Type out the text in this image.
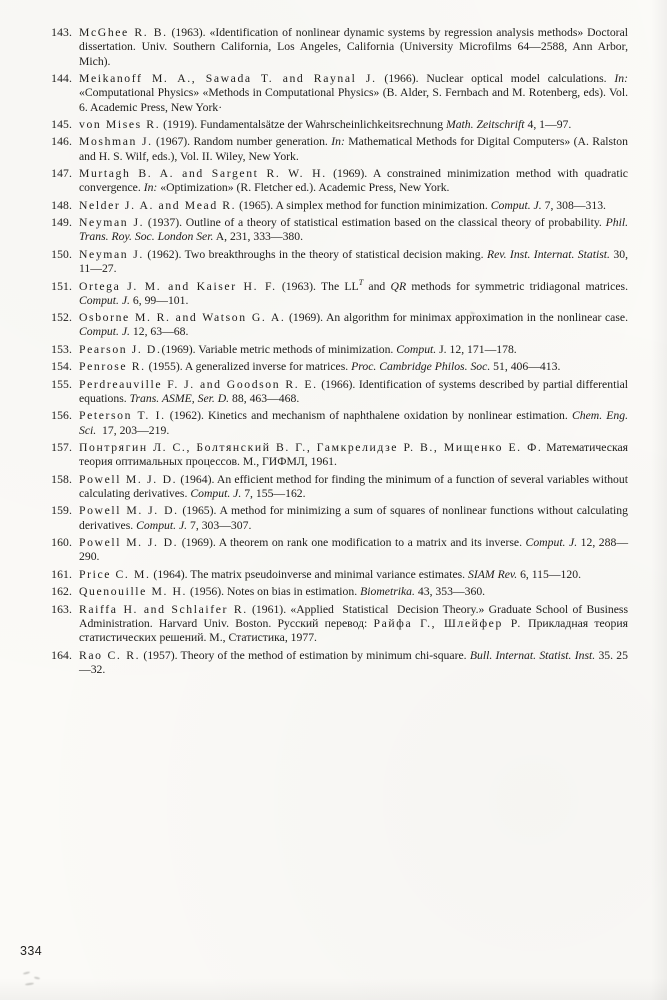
143. McGhee R. B. (1963). «Identification of nonlinear dynamic systems by regression analysis methods» Doctoral dissertation. Univ. Southern California, Los Angeles, California (University Microfilms 64—2588, Ann Arbor, Mich).
144. Meikanoff M. A., Sawada T. and Raynal J. (1966). Nuclear optical model calculations. In: «Computational Physics» ​«Methods in Computational Physics» (B. Alder, S. Fernbach and M. Rotenberg, eds). Vol. 6. Academic Press, New York·
145. von Mises R. (1919). Fundamentalsätze der Wahrscheinlichkeitsrechnung Math. Zeitschrift 4, 1—97.
146. Moshman J. (1967). Random number generation. In: Mathematical Methods for Digital Computers» (A. Ralston and H. S. Wilf, eds.), Vol. II. Wiley, New York.
147. Murtagh B. A. and Sargent R. W. H. (1969). A constrained minimization method with quadratic convergence. In: «Optimization» (R. Fletcher ed.). Academic Press, New York.
148. Nelder J. A. and Mead R. (1965). A simplex method for function minimization. Comput. J. 7, 308—313.
149. Neyman J. (1937). Outline of a theory of statistical estimation based on the classical theory of probability. Phil. Trans. Roy. Soc. London Ser. A, 231, 333—380.
150. Neyman J. (1962). Two breakthroughs in the theory of statistical decision making. Rev. Inst. Internat. Statist. 30, 11—27.
151. Ortega J. M. and Kaiser H. F. (1963). The $LL^T$ and QR methods for symmetric tridiagonal matrices. Comput. J. 6, 99—101.
152. Osborne M. R. and Watson G. A. (1969). An algorithm for minimax approximation in the nonlinear case. Comput. J. 12, 63—68.
153. Pearson J. D.(1969). Variable metric methods of minimization. Comput. J. 12, 171—178.
154. Penrose R. (1955). A generalized inverse for matrices. Proc. Cambridge Philos. Soc. 51, 406—413.
155. Perdreauville F. J. and Goodson R. E. (1966). Identification of systems described by partial differential equations. Trans. ASME, Ser. D. 88, 463—468.
156. Peterson T. I. (1962). Kinetics and mechanism of naphthalene oxidation by nonlinear estimation. Chem. Eng. Sci.  17, 203—219.
157. Понтрягин Л. С., Болтянский В. Г., Гамкрелидзе Р. В., Мищенко Е. Ф. Математическая теория оптимальных процессов. М., ГИФМЛ, 1961.
158. Powell M. J. D. (1964). An efficient method for finding the minimum of a function of several variables without calculating derivatives. Comput. J. 7, 155—162.
159. Powell M. J. D. (1965). A method for minimizing a sum of squares of nonlinear functions without calculating derivatives. Comput. J. 7, 303—307.
160. Powell M. J. D. (1969). A theorem on rank one modification to a matrix and its inverse. Comput. J. 12, 288—290.
161. Price C. M. (1964). The matrix pseudoinverse and minimal variance estimates. SIAM Rev. 6, 115—120.
162. Quenouille M. H. (1956). Notes on bias in estimation. Biometrika. 43, 353—360.
163. Raiffa H. and Schlaifer R. (1961). «Applied  Statistical  Decision Theory.» Graduate School of Business Administration. Harvard Univ. Boston. Русский перевод: Райфа Г., Шлейфер Р. Прикладная теория статистических решений. М., Статистика, 1977.
164. Rao C. R. (1957). Theory of the method of estimation by minimum chi-square. Bull. Internat. Statist. Inst. 35. 25—32.
334
